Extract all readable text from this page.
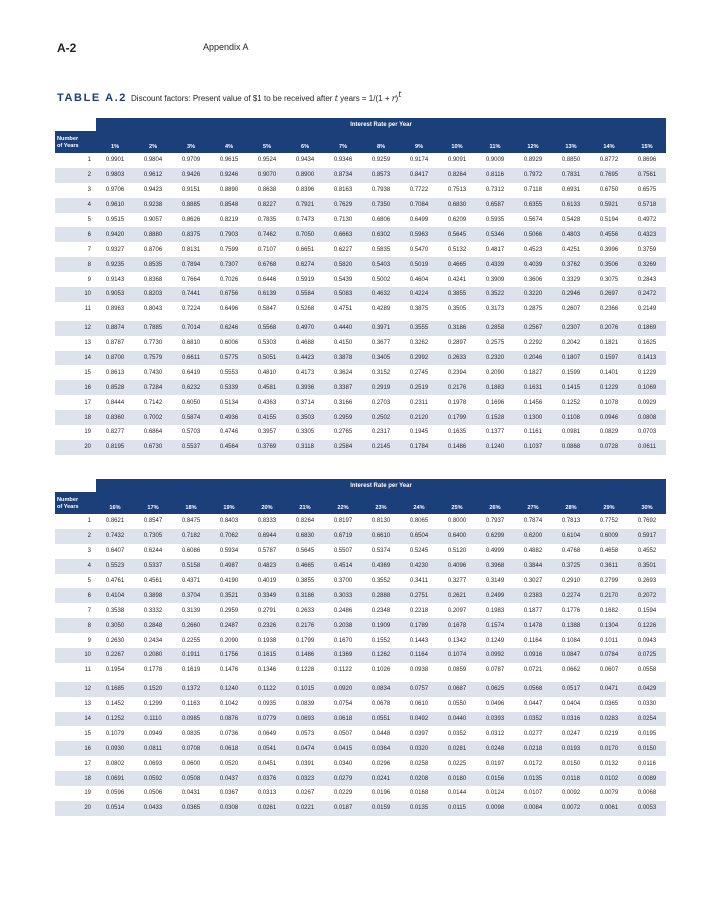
A-2	Appendix A
TABLE A.2 Discount factors: Present value of $1 to be received after t years = $1/(1 + r)^t$
	Interest Rate per Year														
Number
of Years	1%	2%	3%	4%	5%	6%	7%	8%	9%	10%	11%	12%	13%	14%	15%
1	0.9901	0.9804	0.9709	0.9615	0.9524	0.9434	0.9346	0.9259	0.9174	0.9091	0.9009	0.8929	0.8850	0.8772	0.8696
2	0.9803	0.9612	0.9426	0.9246	0.9070	0.8900	0.8734	0.8573	0.8417	0.8264	0.8116	0.7972	0.7831	0.7695	0.7561
3	0.9706	0.9423	0.9151	0.8890	0.8638	0.8396	0.8163	0.7938	0.7722	0.7513	0.7312	0.7118	0.6931	0.6750	0.6575
4	0.9610	0.9238	0.8885	0.8548	0.8227	0.7921	0.7629	0.7350	0.7084	0.6830	0.6587	0.6355	0.6133	0.5921	0.5718
5	0.9515	0.9057	0.8626	0.8219	0.7835	0.7473	0.7130	0.6806	0.6499	0.6209	0.5935	0.5674	0.5428	0.5194	0.4972
6	0.9420	0.8880	0.8375	0.7903	0.7462	0.7050	0.6663	0.6302	0.5963	0.5645	0.5346	0.5066	0.4803	0.4556	0.4323
7	0.9327	0.8706	0.8131	0.7599	0.7107	0.6651	0.6227	0.5835	0.5470	0.5132	0.4817	0.4523	0.4251	0.3996	0.3759
8	0.9235	0.8535	0.7894	0.7307	0.6768	0.6274	0.5820	0.5403	0.5019	0.4665	0.4339	0.4039	0.3762	0.3506	0.3269
9	0.9143	0.8368	0.7664	0.7026	0.6446	0.5919	0.5439	0.5002	0.4604	0.4241	0.3909	0.3606	0.3329	0.3075	0.2843
10	0.9053	0.8203	0.7441	0.6756	0.6139	0.5584	0.5083	0.4632	0.4224	0.3855	0.3522	0.3220	0.2946	0.2697	0.2472
11	0.8963	0.8043	0.7224	0.6496	0.5847	0.5268	0.4751	0.4289	0.3875	0.3505	0.3173	0.2875	0.2607	0.2366	0.2149
12	0.8874	0.7885	0.7014	0.6246	0.5568	0.4970	0.4440	0.3971	0.3555	0.3186	0.2858	0.2567	0.2307	0.2076	0.1869
13	0.8787	0.7730	0.6810	0.6006	0.5303	0.4688	0.4150	0.3677	0.3262	0.2897	0.2575	0.2292	0.2042	0.1821	0.1625
14	0.8700	0.7579	0.6611	0.5775	0.5051	0.4423	0.3878	0.3405	0.2992	0.2633	0.2320	0.2046	0.1807	0.1597	0.1413
15	0.8613	0.7430	0.6419	0.5553	0.4810	0.4173	0.3624	0.3152	0.2745	0.2394	0.2090	0.1827	0.1599	0.1401	0.1229
16	0.8528	0.7284	0.6232	0.5339	0.4581	0.3936	0.3387	0.2919	0.2519	0.2176	0.1883	0.1631	0.1415	0.1229	0.1069
17	0.8444	0.7142	0.6050	0.5134	0.4363	0.3714	0.3166	0.2703	0.2311	0.1978	0.1696	0.1456	0.1252	0.1078	0.0929
18	0.8360	0.7002	0.5874	0.4936	0.4155	0.3503	0.2959	0.2502	0.2120	0.1799	0.1528	0.1300	0.1108	0.0946	0.0808
19	0.8277	0.6864	0.5703	0.4746	0.3957	0.3305	0.2765	0.2317	0.1945	0.1635	0.1377	0.1161	0.0981	0.0829	0.0703
20	0.8195	0.6730	0.5537	0.4564	0.3769	0.3118	0.2584	0.2145	0.1784	0.1486	0.1240	0.1037	0.0868	0.0728	0.0611
	Interest Rate per Year														
Number
of Years	16%	17%	18%	19%	20%	21%	22%	23%	24%	25%	26%	27%	28%	29%	30%
1	0.8621	0.8547	0.8475	0.8403	0.8333	0.8264	0.8197	0.8130	0.8065	0.8000	0.7937	0.7874	0.7813	0.7752	0.7692
2	0.7432	0.7305	0.7182	0.7062	0.6944	0.6830	0.6719	0.6610	0.6504	0.6400	0.6299	0.6200	0.6104	0.6009	0.5917
3	0.6407	0.6244	0.6086	0.5934	0.5787	0.5645	0.5507	0.5374	0.5245	0.5120	0.4999	0.4882	0.4768	0.4658	0.4552
4	0.5523	0.5337	0.5158	0.4987	0.4823	0.4665	0.4514	0.4369	0.4230	0.4096	0.3968	0.3844	0.3725	0.3611	0.3501
5	0.4761	0.4561	0.4371	0.4190	0.4019	0.3855	0.3700	0.3552	0.3411	0.3277	0.3149	0.3027	0.2910	0.2799	0.2693
6	0.4104	0.3898	0.3704	0.3521	0.3349	0.3186	0.3033	0.2888	0.2751	0.2621	0.2499	0.2383	0.2274	0.2170	0.2072
7	0.3538	0.3332	0.3139	0.2959	0.2791	0.2633	0.2486	0.2348	0.2218	0.2097	0.1983	0.1877	0.1776	0.1682	0.1594
8	0.3050	0.2848	0.2660	0.2487	0.2326	0.2176	0.2038	0.1909	0.1789	0.1678	0.1574	0.1478	0.1388	0.1304	0.1226
9	0.2630	0.2434	0.2255	0.2090	0.1938	0.1799	0.1670	0.1552	0.1443	0.1342	0.1249	0.1164	0.1084	0.1011	0.0943
10	0.2267	0.2080	0.1911	0.1756	0.1615	0.1486	0.1369	0.1262	0.1164	0.1074	0.0992	0.0916	0.0847	0.0784	0.0725
11	0.1954	0.1778	0.1619	0.1476	0.1346	0.1228	0.1122	0.1026	0.0938	0.0859	0.0787	0.0721	0.0662	0.0607	0.0558
12	0.1685	0.1520	0.1372	0.1240	0.1122	0.1015	0.0920	0.0834	0.0757	0.0687	0.0625	0.0568	0.0517	0.0471	0.0429
13	0.1452	0.1299	0.1163	0.1042	0.0935	0.0839	0.0754	0.0678	0.0610	0.0550	0.0496	0.0447	0.0404	0.0365	0.0330
14	0.1252	0.1110	0.0985	0.0876	0.0779	0.0693	0.0618	0.0551	0.0492	0.0440	0.0393	0.0352	0.0316	0.0283	0.0254
15	0.1079	0.0949	0.0835	0.0736	0.0649	0.0573	0.0507	0.0448	0.0397	0.0352	0.0312	0.0277	0.0247	0.0219	0.0195
16	0.0930	0.0811	0.0708	0.0618	0.0541	0.0474	0.0415	0.0364	0.0320	0.0281	0.0248	0.0218	0.0193	0.0170	0.0150
17	0.0802	0.0693	0.0600	0.0520	0.0451	0.0391	0.0340	0.0296	0.0258	0.0225	0.0197	0.0172	0.0150	0.0132	0.0116
18	0.0691	0.0592	0.0508	0.0437	0.0376	0.0323	0.0279	0.0241	0.0208	0.0180	0.0156	0.0135	0.0118	0.0102	0.0089
19	0.0596	0.0506	0.0431	0.0367	0.0313	0.0267	0.0229	0.0196	0.0168	0.0144	0.0124	0.0107	0.0092	0.0079	0.0068
20	0.0514	0.0433	0.0365	0.0308	0.0261	0.0221	0.0187	0.0159	0.0135	0.0115	0.0098	0.0084	0.0072	0.0061	0.0053
